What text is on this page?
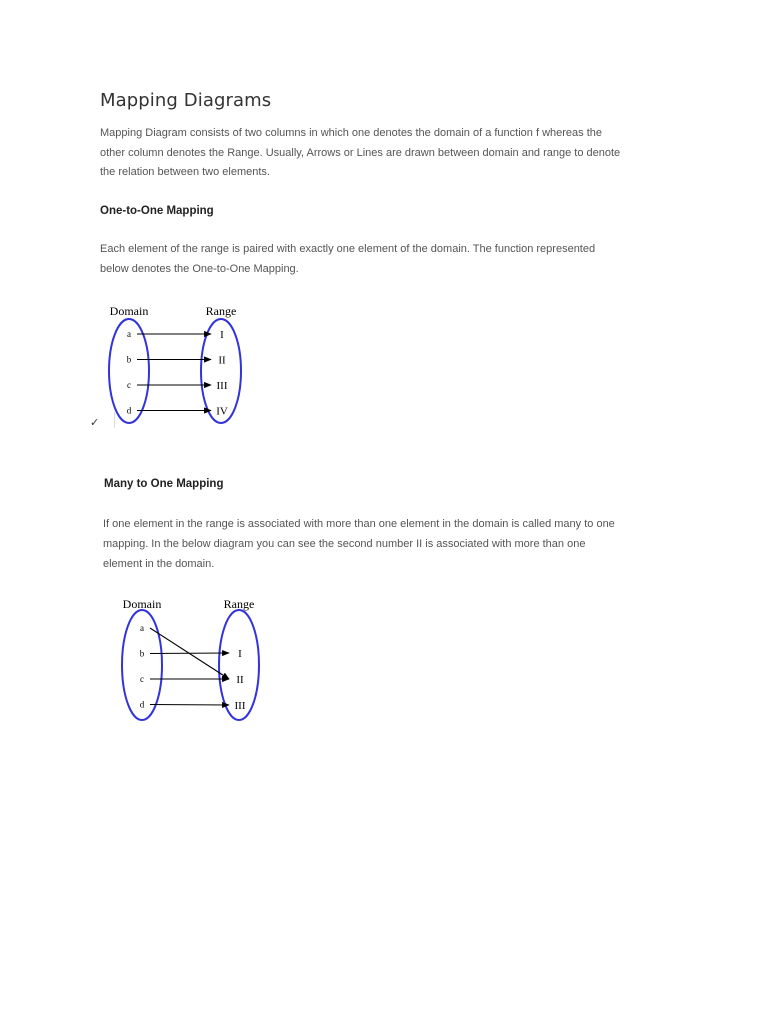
Mapping Diagrams

Mapping Diagram consists of two columns in which one denotes the domain of a function f whereas the

other column denotes the Range. Usually, Arrows or Lines are drawn between domain and range to denote

the relation between two elements.

One-to-One Mapping

Each element of the range is paired with exactly one element of the domain. The function represented

below denotes the One-to-One Mapping.

Domain	Range
a
b
c
d
I
II
III
IV
✓
Many to One Mapping

If one element in the range is associated with more than one element in the domain is called many to one

mapping. In the below diagram you can see the second number II is associated with more than one

element in the domain.

Domain	Range
a
b
c
d
I
II
III
